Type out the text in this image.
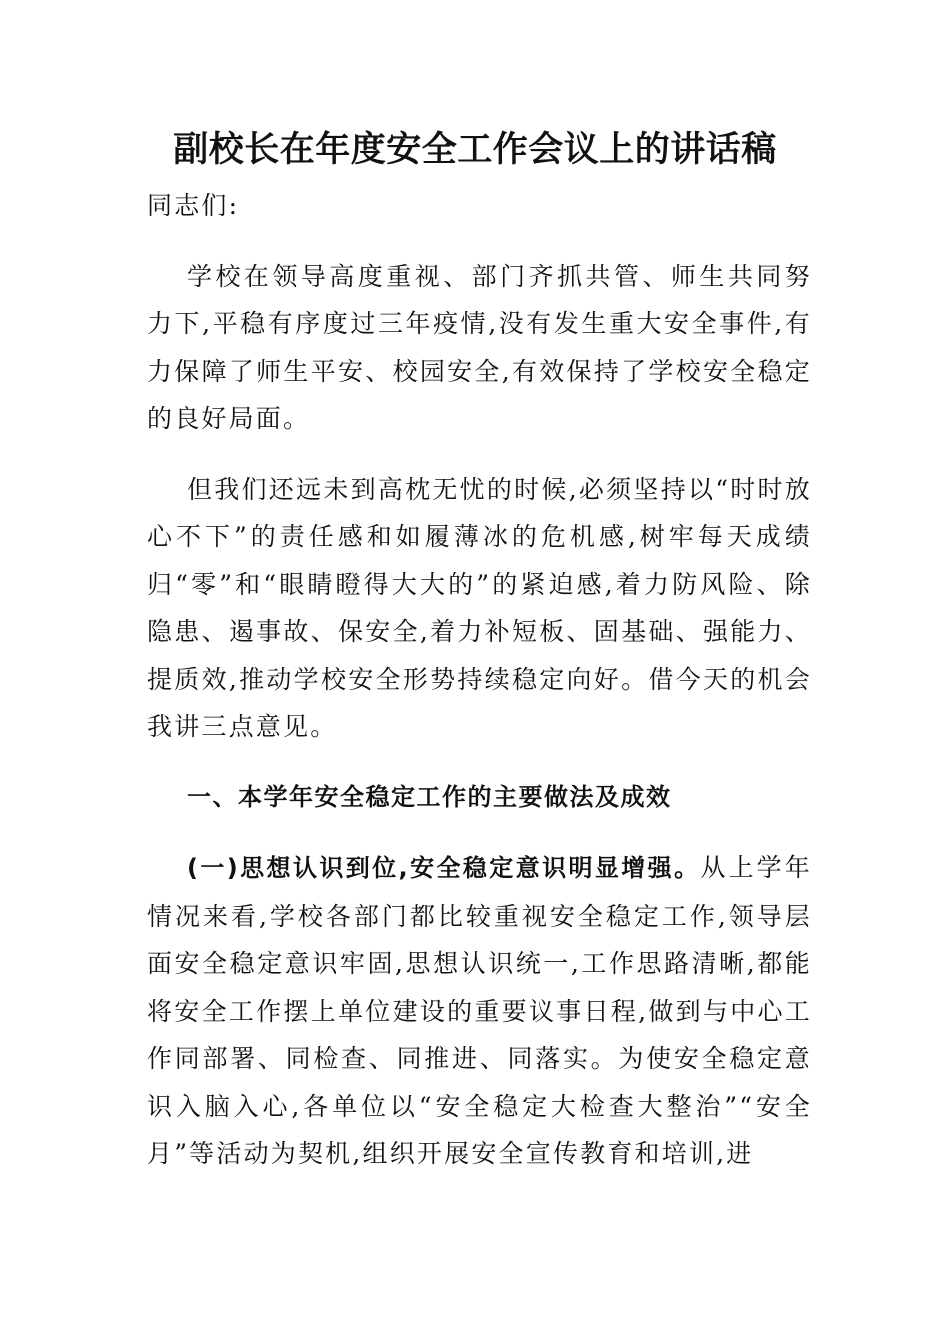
副校长在年度安全工作会议上的讲话稿

同志们:

学校在领导高度重视、部门齐抓共管、师生共同努力下,平稳有序度过三年疫情,没有发生重大安全事件,有力保障了师生平安、校园安全,有效保持了学校安全稳定的良好局面。

但我们还远未到高枕无忧的时候,必须坚持以“时时放心不下”的责任感和如履薄冰的危机感,树牢每天成绩归“零”和“眼睛瞪得大大的”的紧迫感,着力防风险、除隐患、遏事故、保安全,着力补短板、固基础、强能力、提质效,推动学校安全形势持续稳定向好。借今天的机会我讲三点意见。

一、本学年安全稳定工作的主要做法及成效

(一)思想认识到位,安全稳定意识明显增强。从上学年情况来看,学校各部门都比较重视安全稳定工作,领导层面安全稳定意识牢固,思想认识统一,工作思路清晰,都能将安全工作摆上单位建设的重要议事日程,做到与中心工作同部署、同检查、同推进、同落实。为使安全稳定意识入脑入心,各单位以“安全稳定大检查大整治”“安全月”等活动为契机,组织开展安全宣传教育和培训,进
